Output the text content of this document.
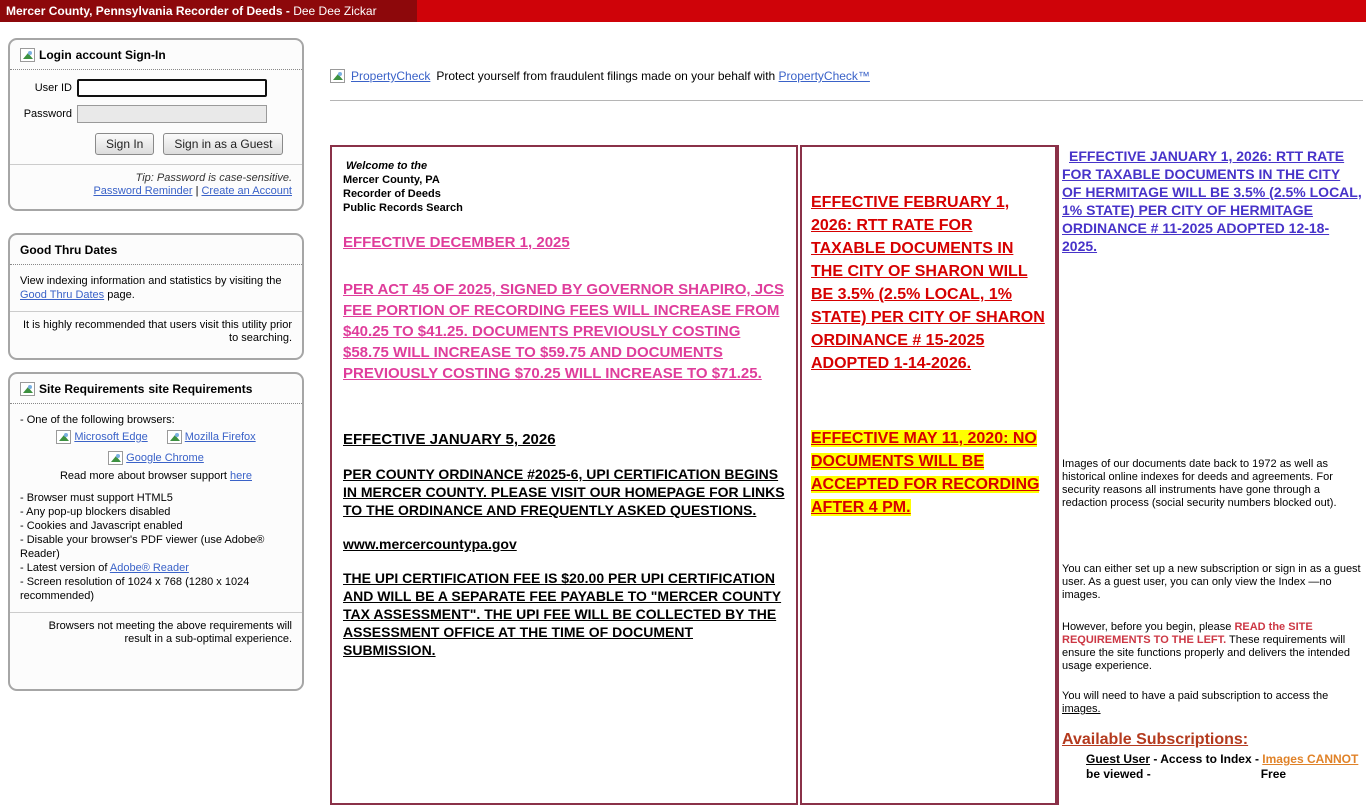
Mercer County, Pennsylvania Recorder of Deeds - Dee Dee Zickar
Login account Sign-In
User ID
Password
Sign In	Sign in as a Guest
Tip: Password is case-sensitive.
Password Reminder | Create an Account
Good Thru Dates
View indexing information and statistics by visiting the Good Thru Dates page.
It is highly recommended that users visit this utility prior to searching.
Site Requirements site Requirements
- One of the following browsers:
Microsoft Edge
	Mozilla Firefox
Google Chrome
Read more about browser support here
- Browser must support HTML5
- Any pop-up blockers disabled
- Cookies and Javascript enabled
- Disable your browser's PDF viewer (use Adobe® Reader)
- Latest version of Adobe® Reader
- Screen resolution of 1024 x 768 (1280 x 1024 recommended)
Browsers not meeting the above requirements will result in a sub-optimal experience.
PropertyCheck Protect yourself from fraudulent filings made on your behalf with PropertyCheck™
Welcome to the
Mercer County, PA
Recorder of Deeds
Public Records Search
EFFECTIVE DECEMBER 1, 2025
PER ACT 45 OF 2025, SIGNED BY GOVERNOR SHAPIRO, JCS FEE PORTION OF RECORDING FEES WILL INCREASE FROM $40.25 TO $41.25. DOCUMENTS PREVIOUSLY COSTING $58.75 WILL INCREASE TO $59.75 AND DOCUMENTS PREVIOUSLY COSTING $70.25 WILL INCREASE TO $71.25.
EFFECTIVE JANUARY 5, 2026
PER COUNTY ORDINANCE #2025-6, UPI CERTIFICATION BEGINS IN MERCER COUNTY. PLEASE VISIT OUR HOMEPAGE FOR LINKS TO THE ORDINANCE AND FREQUENTLY ASKED QUESTIONS.
www.mercercountypa.gov
THE UPI CERTIFICATION FEE IS $20.00 PER UPI CERTIFICATION AND WILL BE A SEPARATE FEE PAYABLE TO "MERCER COUNTY TAX ASSESSMENT". THE UPI FEE WILL BE COLLECTED BY THE ASSESSMENT OFFICE AT THE TIME OF DOCUMENT SUBMISSION.
EFFECTIVE FEBRUARY 1, 2026: RTT RATE FOR TAXABLE DOCUMENTS IN THE CITY OF SHARON WILL BE 3.5% (2.5% LOCAL, 1% STATE) PER CITY OF SHARON ORDINANCE # 15-2025 ADOPTED 1-14-2026.
EFFECTIVE MAY 11, 2020: NO DOCUMENTS WILL BE ACCEPTED FOR RECORDING AFTER 4 PM.
EFFECTIVE JANUARY 1, 2026: RTT RATE FOR TAXABLE DOCUMENTS IN THE CITY OF HERMITAGE WILL BE 3.5% (2.5% LOCAL, 1% STATE) PER CITY OF HERMITAGE ORDINANCE # 11-2025 ADOPTED 12-18-2025.
Images of our documents date back to 1972 as well as historical online indexes for deeds and agreements. For security reasons all instruments have gone through a redaction process (social security numbers blocked out).
You can either set up a new subscription or sign in as a guest user. As a guest user, you can only view the Index —no images.
However, before you begin, please READ the SITE REQUIREMENTS TO THE LEFT. These requirements will ensure the site functions properly and delivers the intended usage experience.
You will need to have a paid subscription to access the images.
Available Subscriptions:
Guest User - Access to Index - Images CANNOT
be viewed -	Free
